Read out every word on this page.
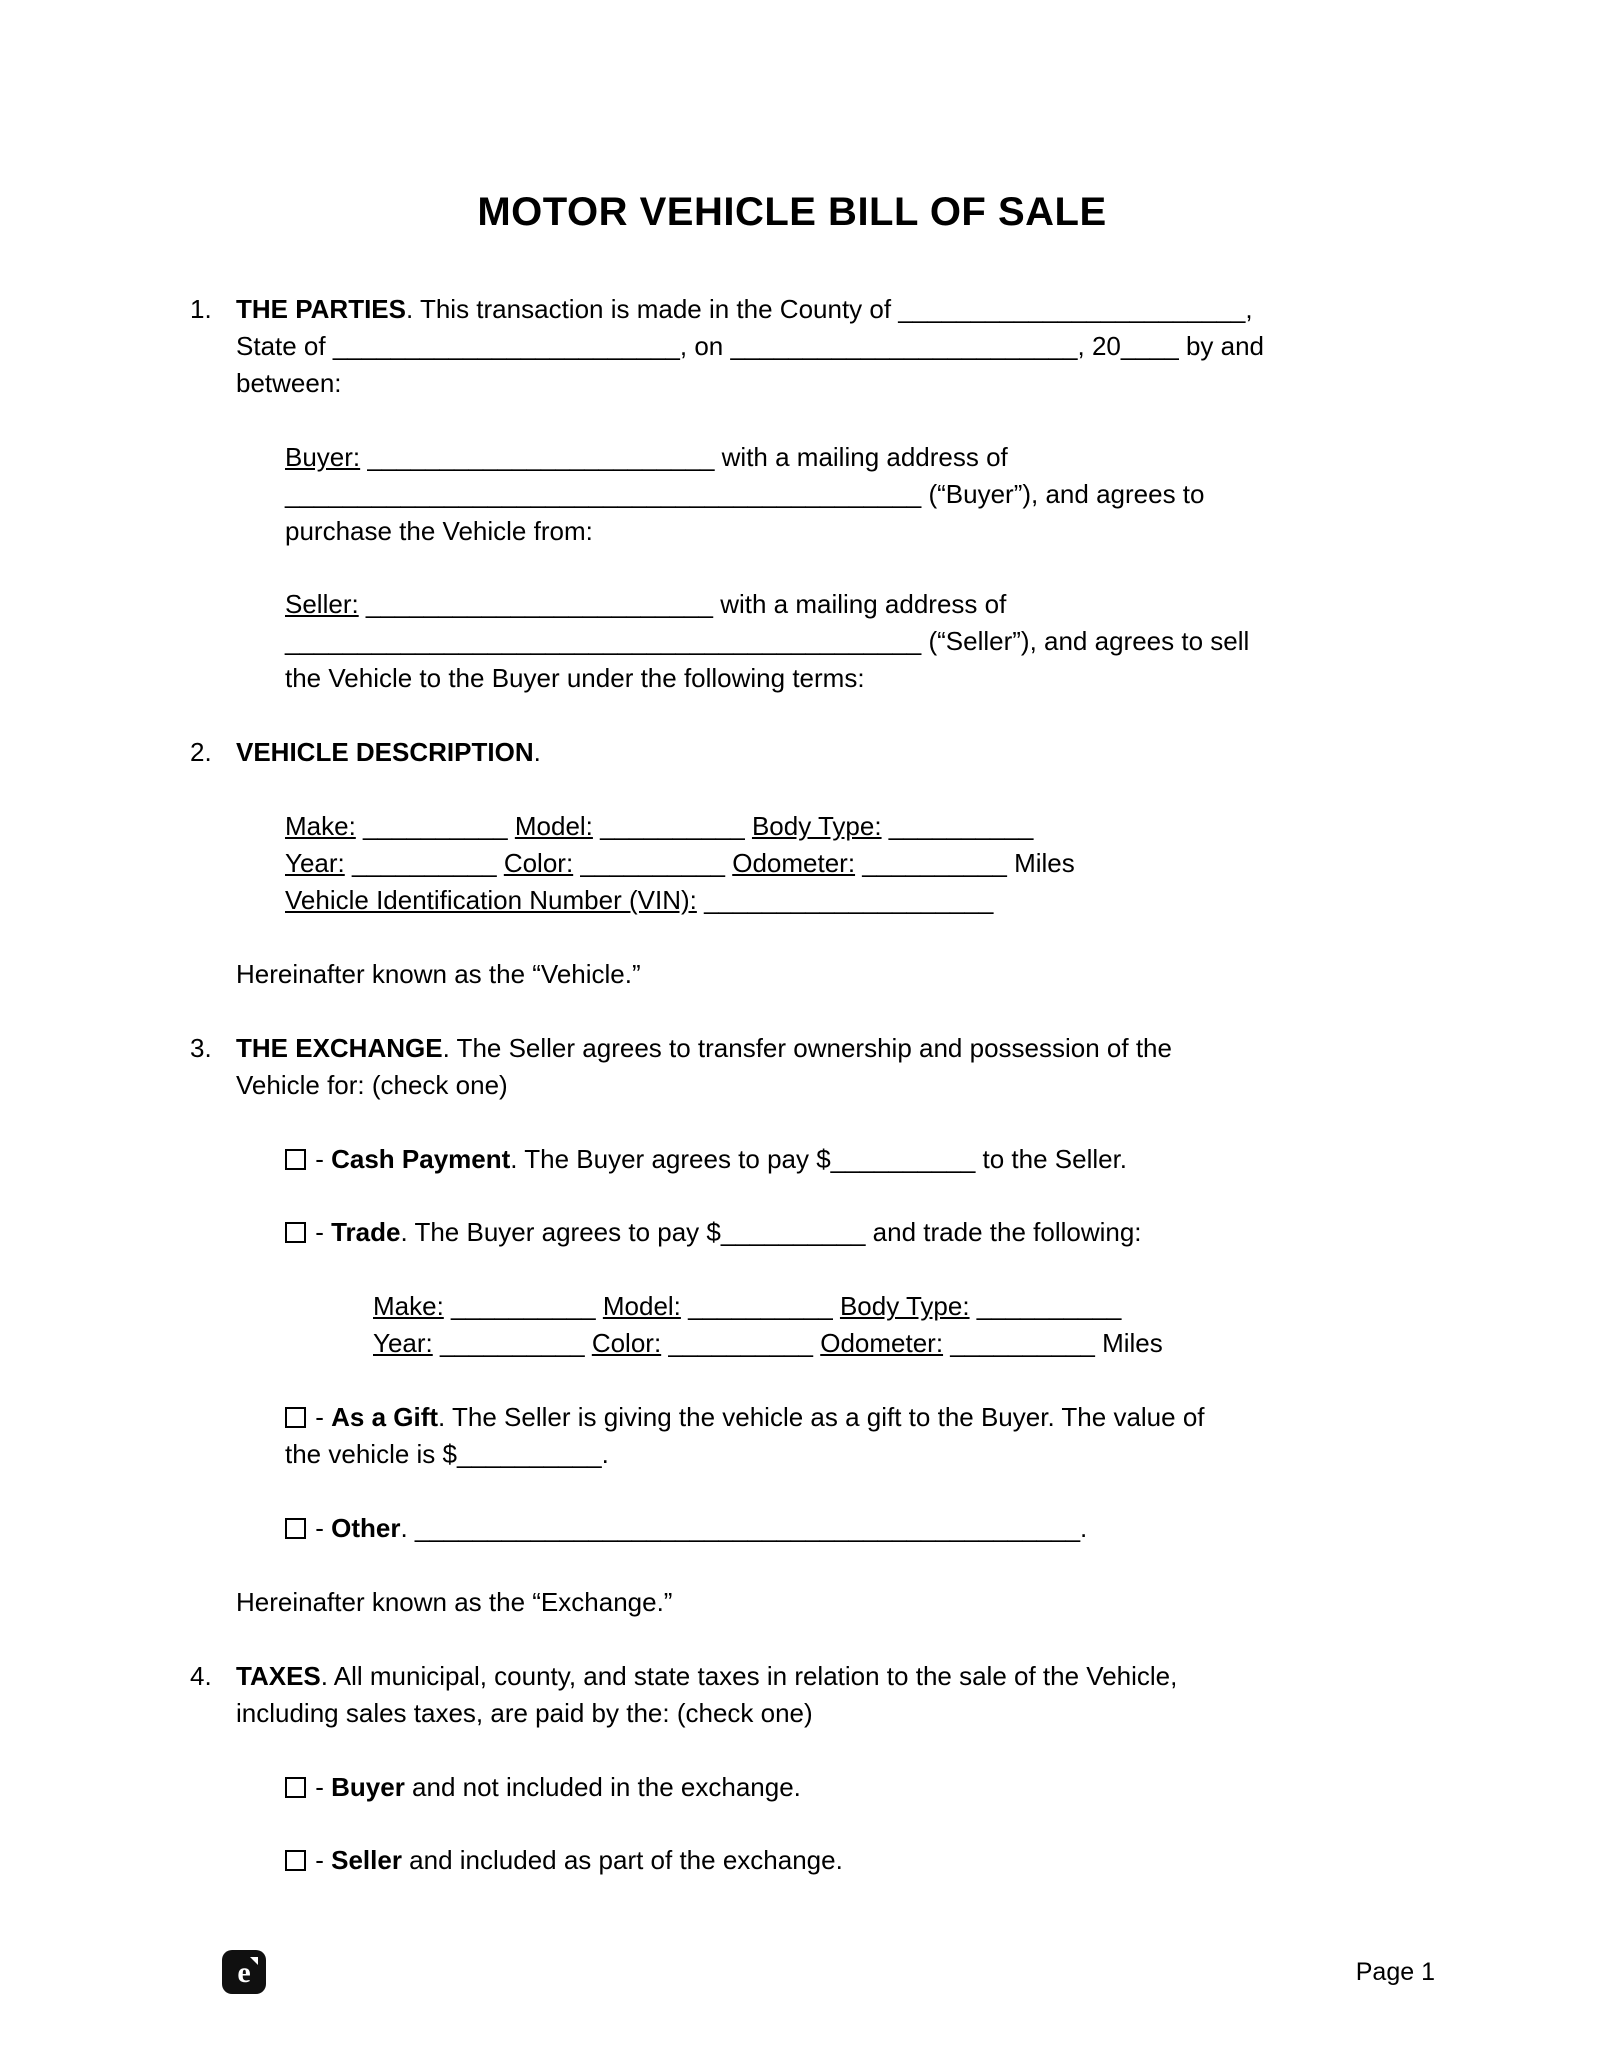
MOTOR VEHICLE BILL OF SALE
1. THE PARTIES. This transaction is made in the County of ________________________,
State of ________________________, on ________________________, 20____ by and
between:

Buyer: ________________________ with a mailing address of
____________________________________________ (“Buyer”), and agrees to
purchase the Vehicle from:

Seller: ________________________ with a mailing address of
____________________________________________ (“Seller”), and agrees to sell
the Vehicle to the Buyer under the following terms:

2. VEHICLE DESCRIPTION.

Make: __________ Model: __________ Body Type: __________

Year: __________ Color: __________ Odometer: __________ Miles

Vehicle Identification Number (VIN): ____________________

Hereinafter known as the “Vehicle.”

3. THE EXCHANGE. The Seller agrees to transfer ownership and possession of the
Vehicle for: (check one)

- Cash Payment. The Buyer agrees to pay $__________ to the Seller.

- Trade. The Buyer agrees to pay $__________ and trade the following:

Make: __________ Model: __________ Body Type: __________

Year: __________ Color: __________ Odometer: __________ Miles

- As a Gift. The Seller is giving the vehicle as a gift to the Buyer. The value of
the vehicle is $__________.

- Other. ______________________________________________.

Hereinafter known as the “Exchange.”

4. TAXES. All municipal, county, and state taxes in relation to the sale of the Vehicle,
including sales taxes, are paid by the: (check one)

- Buyer and not included in the exchange.

- Seller and included as part of the exchange.

e	Page 1
